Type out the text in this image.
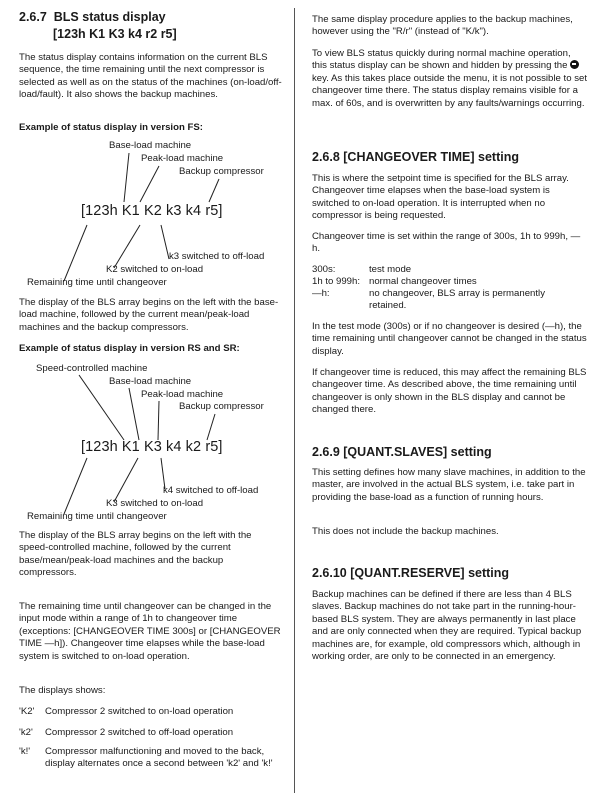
2.6.7 BLS status display
[123h K1 K3 k4 r2 r5]

The status display contains information on the current BLS sequence, the time remaining until the next compressor is selected as well as on the status of the machines (on-load/off-load/fault). It also shows the backup machines.

Example of status display in version FS:

Base-load machine
Peak-load machine
Backup compressor
[123h K1 K2 k3 k4 r5]
k3 switched to off-load
K2 switched to on-load
Remaining time until changeover

The display of the BLS array begins on the left with the base-load machine, followed by the current mean/peak-load machines and the backup compressors.

Example of status display in version RS and SR:

Speed-controlled machine
Base-load machine
Peak-load machine
Backup compressor
[123h K1 K3 k4 k2 r5]
k4 switched to off-load
K3 switched to on-load
Remaining time until changeover

The display of the BLS array begins on the left with the speed-controlled machine, followed by the current base/mean/peak-load machines and the backup compressors.

The remaining time until changeover can be changed in the input mode within a range of 1h to changeover time (exceptions: [CHANGEOVER TIME 300s] or [CHANGEOVER TIME —h]). Changeover time elapses while the base-load system is switched to on-load operation.

The displays shows:

'K2' Compressor 2 switched to on-load operation
'k2' Compressor 2 switched to off-load operation
'k!' Compressor malfunctioning and moved to the back, display alternates once a second between 'k2' and 'k!'

The same display procedure applies to the backup machines, however using the "R/r" (instead of "K/k").

To view BLS status quickly during normal machine operation, this status display can be shown and hidden by pressing the  key. As this takes place outside the menu, it is not possible to set changeover time there. The status display remains visible for a max. of 60s, and is overwritten by any faults/warnings occurring.

2.6.8 [CHANGEOVER TIME] setting

This is where the setpoint time is specified for the BLS array. Changeover time elapses when the base-load system is switched to on-load operation. It is interrupted when no compressor is being requested.

Changeover time is set within the range of 300s, 1h to 999h, —h.

300s:	test mode
1h to 999h: normal changeover times
—h:	no changeover, BLS array is permanently retained.

In the test mode (300s) or if no changeover is desired (—h), the time remaining until changeover cannot be changed in the status display.

If changeover time is reduced, this may affect the remaining BLS changeover time. As described above, the time remaining until changeover is only shown in the BLS display and cannot be changed there.

2.6.9 [QUANT.SLAVES] setting

This setting defines how many slave machines, in addition to the master, are involved in the actual BLS system, i.e. take part in providing the base-load as a function of running hours.

This does not include the backup machines.

2.6.10 [QUANT.RESERVE] setting

Backup machines can be defined if there are less than 4 BLS slaves. Backup machines do not take part in the running-hour-based BLS system. They are always permanently in last place and are only connected when they are required. Typical backup machines are, for example, old compressors which, although in working order, are only to be connected in an emergency.
